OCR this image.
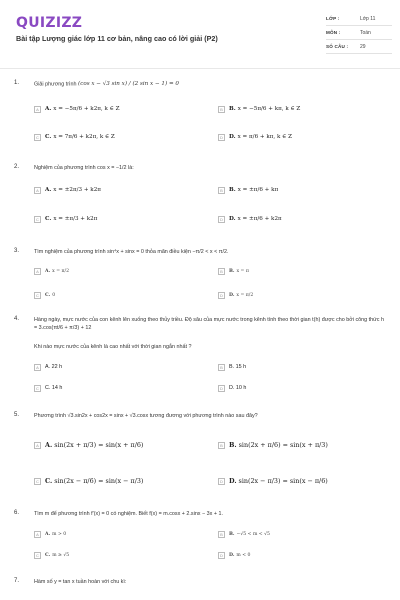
QUIZIZZ
Bài tập Lượng giác lớp 11 cơ bản, nâng cao có lời giải (P2)
LỚP :	Lớp 11
MÔN :	Toán
SỐ CÂU :	29
1.	Giải phương trình (cos x − √3 sin x) / (2 sin x − 1) = 0
A	A. x = −5π/6 + k2π, k ∈ Z	B	B. x = −5π/6 + kπ, k ∈ Z
C	C. x = 7π/6 + k2π, k ∈ Z	D	D. x = π/6 + kπ, k ∈ Z
2.	Nghiệm của phương trình cos x = −1/2 là:
A	A. x = ±2π/3 + k2π	B	B. x = ±π/6 + kπ
C	C. x = ±π/3 + k2π	D	D. x = ±π/6 + k2π
3.	Tìm nghiệm của phương trình sin⁴x + sinx = 0 thỏa mãn điều kiện −π/2 < x < π/2.
A	A. x = π/2	B	B. x = π
C	C. 0	D	D. x = π/2
4.	Hàng ngày, mực nước của con kênh lên xuống theo thủy triều. Độ sâu của mực nước trong kênh tính theo thời gian t(h) được cho bởi công thức h = 3.cos(πt/6 + π/3) + 12
Khi nào mực nước của kênh là cao nhất với thời gian ngắn nhất ?
A	A. 22 h	B	B. 15 h
C	C. 14 h	D	D. 10 h
5.	Phương trình √3.sin2x + cos2x = sinx + √3.cosx tương đương với phương trình nào sau đây?
A A. sin(2x + π/3) = sin(x + π/6)	B B. sin(2x + π/6) = sin(x + π/3)
C C. sin(2x − π/6) = sin(x − π/3)	D D. sin(2x − π/3) = sin(x − π/6)
6.	Tìm m để phương trình f'(x) = 0 có nghiệm. Biết f(x) = m.cosx + 2.sinx − 3x + 1.
A	A. m > 0	B	B. −√5 < m < √5
C	C. m ≥ √5	D	D. m < 0
7.	Hàm số y = tan x tuần hoàn với chu kì:
